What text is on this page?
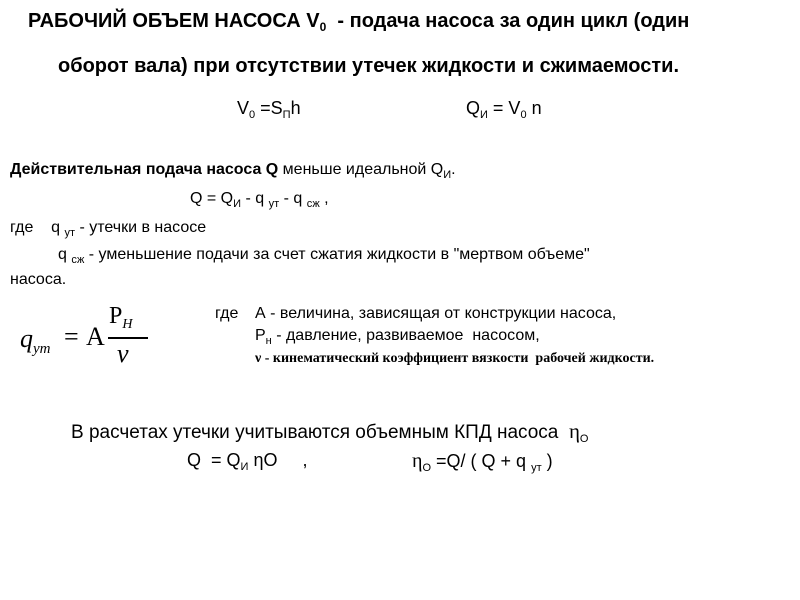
РАБОЧИЙ ОБЪЕМ НАСОСА $V_0$  - подача насоса за один цикл (один
оборот вала) при отсутствии утечек жидкости и сжимаемости.
$V_0 =S_Пh$	$Q_И = V_0$ n
Действительная подача насоса Q меньше идеальной $Q_И$.
$Q = Q_И - q$ $_{ут}$ - q $_{сж}$ ,
где    q $_{ут}$ - утечки в насосе
q $_{сж}$ - уменьшение подачи за счет сжатия жидкости в "мертвом объеме"
насоса.
$q_{ут} = A$
$P_Н$
ν
где А - величина, зависящая от конструкции насоса,
$Р_н$ - давление, развиваемое  насосом,
ν - кинематический коэффициент вязкости  рабочей жидкости.
В расчетах утечки учитываются объемным КПД насоса  $\eta_O$
$Q = Q_И$ ηO     ,	$\eta_O =Q/$ ( Q + q $_{ут}$ )
